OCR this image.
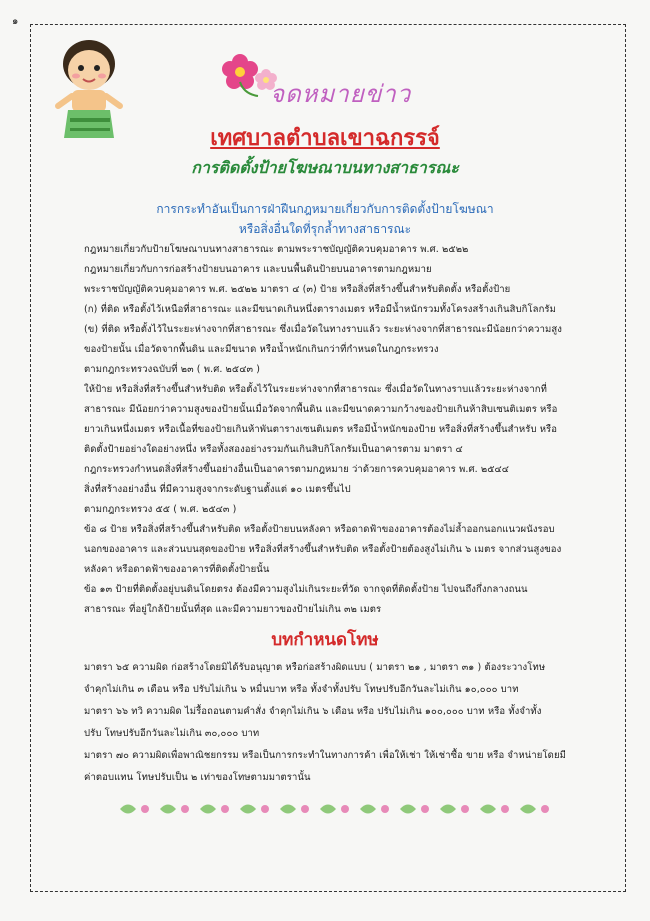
๑
จดหมายข่าว
เทศบาลตำบลเขาฉกรรจ์
การติดตั้งป้ายโฆษณาบนทางสาธารณะ
การกระทำอันเป็นการฝ่าฝืนกฎหมายเกี่ยวกับการติดตั้งป้ายโฆษณา
หรือสิ่งอื่นใดที่รุกล้ำทางสาธารณะ
กฎหมายเกี่ยวกับป้ายโฆษณาบนทางสาธารณะ ตามพระราชบัญญัติควบคุมอาคาร พ.ศ. ๒๕๒๒
กฎหมายเกี่ยวกับการก่อสร้างป้ายบนอาคาร และบนพื้นดินป้ายบนอาคารตามกฎหมาย
พระราชบัญญัติควบคุมอาคาร พ.ศ. ๒๕๒๒ มาตรา ๔ (๓) ป้าย หรือสิ่งที่สร้างขึ้นสำหรับติดตั้ง หรือตั้งป้าย
(ก) ที่ติด หรือตั้งไว้เหนือที่สาธารณะ และมีขนาดเกินหนึ่งตารางเมตร หรือมีน้ำหนักรวมทั้งโครงสร้างเกินสิบกิโลกรัม
(ข) ที่ติด หรือตั้งไว้ในระยะห่างจากที่สาธารณะ ซึ่งเมื่อวัดในทางราบแล้ว ระยะห่างจากที่สาธารณะมีน้อยกว่าความสูง
ของป้ายนั้น เมื่อวัดจากพื้นดิน และมีขนาด หรือน้ำหนักเกินกว่าที่กำหนดในกฎกระทรวง
ตามกฎกระทรวงฉบับที่ ๒๓ ( พ.ศ. ๒๕๔๓ )
ให้ป้าย หรือสิ่งที่สร้างขึ้นสำหรับติด หรือตั้งไว้ในระยะห่างจากที่สาธารณะ ซึ่งเมื่อวัดในทางราบแล้วระยะห่างจากที่
สาธารณะ มีน้อยกว่าความสูงของป้ายนั้นเมื่อวัดจากพื้นดิน และมีขนาดความกว้างของป้ายเกินห้าสิบเซนติเมตร หรือ
ยาวเกินหนึ่งเมตร หรือเนื้อที่ของป้ายเกินห้าพันตารางเซนติเมตร หรือมีน้ำหนักของป้าย หรือสิ่งที่สร้างขึ้นสำหรับ หรือ
ติดตั้งป้ายอย่างใดอย่างหนึ่ง หรือทั้งสองอย่างรวมกันเกินสิบกิโลกรัมเป็นอาคารตาม มาตรา ๔
กฎกระทรวงกำหนดสิ่งที่สร้างขึ้นอย่างอื่นเป็นอาคารตามกฎหมาย ว่าด้วยการควบคุมอาคาร พ.ศ. ๒๕๔๔
สิ่งที่สร้างอย่างอื่น ที่มีความสูงจากระดับฐานตั้งแต่ ๑๐ เมตรขึ้นไป
ตามกฎกระทรวง ๕๕ ( พ.ศ. ๒๕๔๓ )
ข้อ ๘ ป้าย หรือสิ่งที่สร้างขึ้นสำหรับติด หรือตั้งป้ายบนหลังคา หรือดาดฟ้าของอาคารต้องไม่ล้ำออกนอกแนวผนังรอบ
นอกของอาคาร และส่วนบนสุดของป้าย หรือสิ่งที่สร้างขึ้นสำหรับติด หรือตั้งป้ายต้องสูงไม่เกิน ๖ เมตร จากส่วนสูงของ
หลังคา หรือดาดฟ้าของอาคารที่ติดตั้งป้ายนั้น
ข้อ ๑๓ ป้ายที่ติดตั้งอยู่บนดินโดยตรง ต้องมีความสูงไม่เกินระยะที่วัด จากจุดที่ติดตั้งป้าย ไปจนถึงกึ่งกลางถนน
สาธารณะ ที่อยู่ใกล้ป้ายนั้นที่สุด และมีความยาวของป้ายไม่เกิน ๓๒ เมตร
บทกำหนดโทษ
มาตรา ๖๕ ความผิด ก่อสร้างโดยมิได้รับอนุญาต หรือก่อสร้างผิดแบบ ( มาตรา ๒๑ , มาตรา ๓๑ ) ต้องระวางโทษ
จำคุกไม่เกิน ๓ เดือน หรือ ปรับไม่เกิน ๖ หมื่นบาท หรือ ทั้งจำทั้งปรับ โทษปรับอีกวันละไม่เกิน ๑๐,๐๐๐ บาท
มาตรา ๖๖ ทวิ ความผิด ไม่รื้อถอนตามคำสั่ง จำคุกไม่เกิน ๖ เดือน หรือ ปรับไม่เกิน ๑๐๐,๐๐๐ บาท หรือ ทั้งจำทั้ง
ปรับ โทษปรับอีกวันละไม่เกิน ๓๐,๐๐๐ บาท
มาตรา ๗๐ ความผิดเพื่อพาณิชยกรรม หรือเป็นการกระทำในทางการค้า เพื่อให้เช่า ให้เช่าซื้อ ขาย หรือ จำหน่ายโดยมี
ค่าตอบแทน โทษปรับเป็น ๒ เท่าของโทษตามมาตรานั้น
